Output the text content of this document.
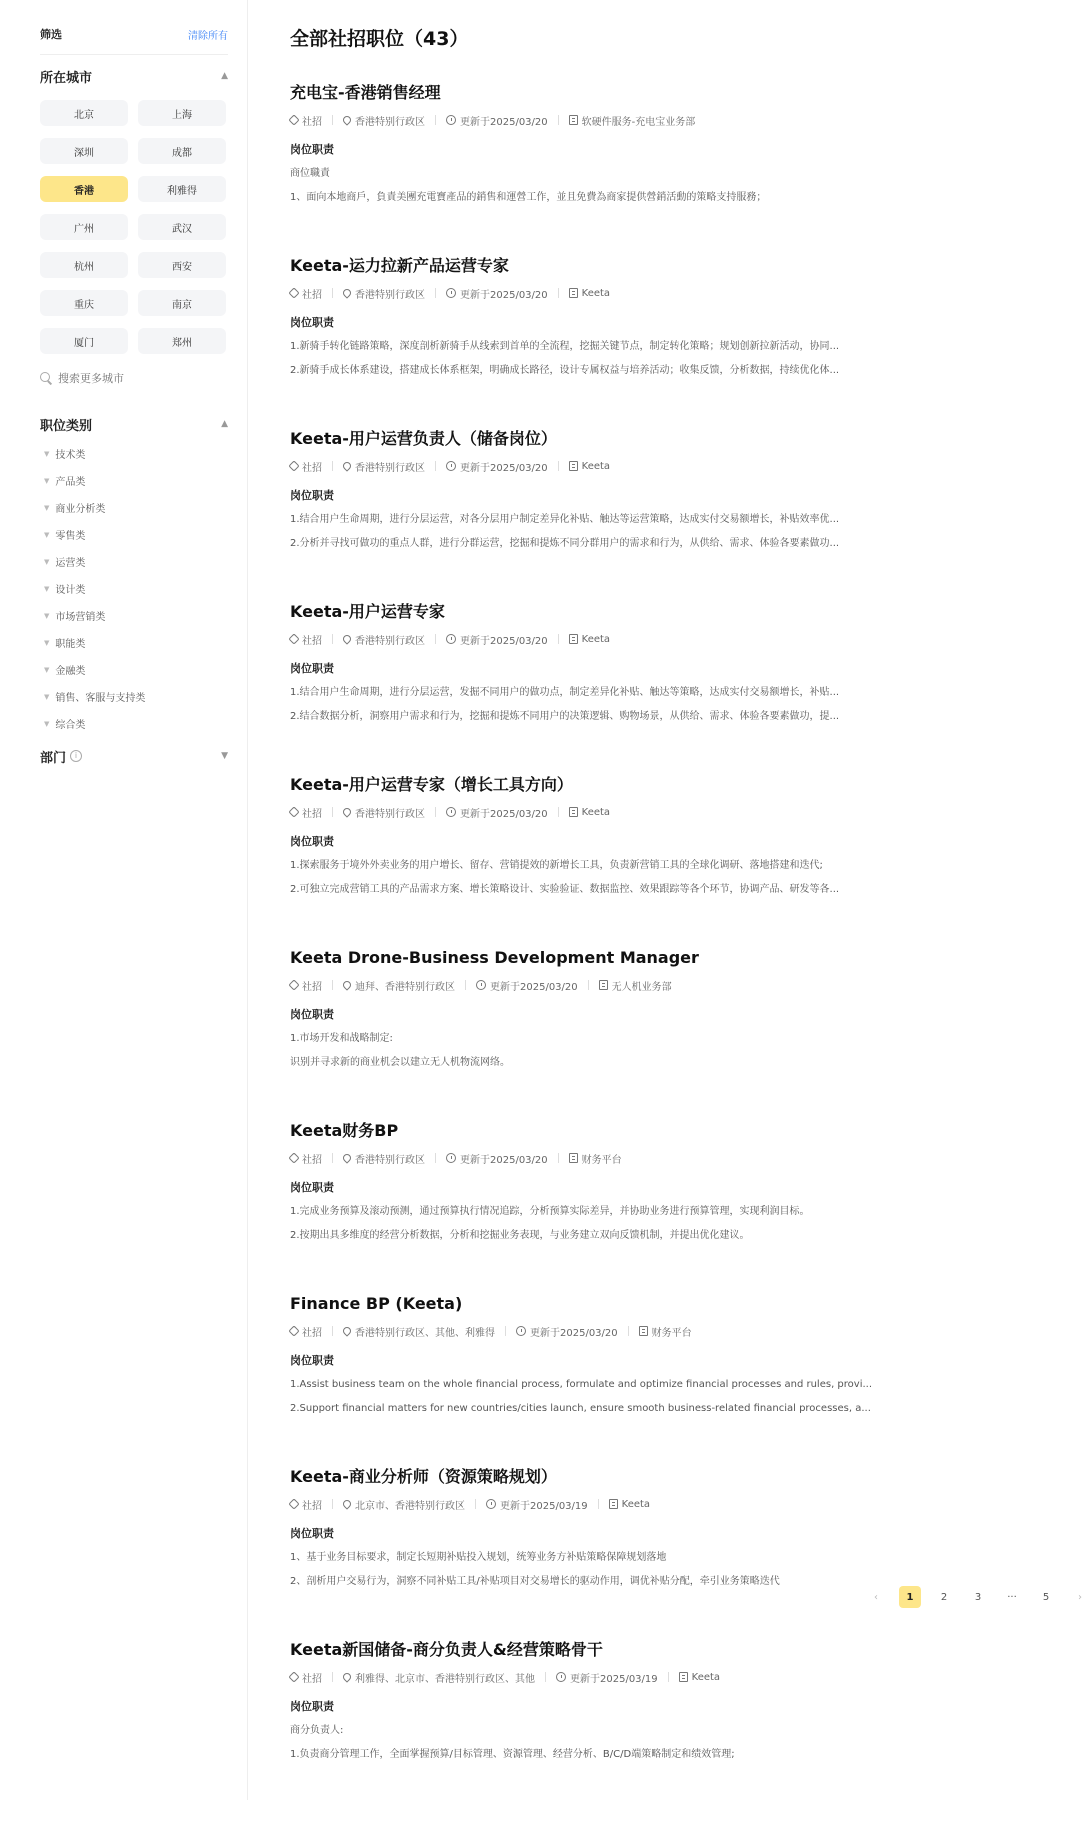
筛选	清除所有
所在城市	▲
北京	上海
深圳	成都
香港	利雅得
广州	武汉
杭州	西安
重庆	南京
厦门	郑州
搜索更多城市
职位类别	▲
▼ 技术类
▼ 产品类
▼ 商业分析类
▼ 零售类
▼ 运营类
▼ 设计类
▼ 市场营销类
▼ 职能类
▼ 金融类
▼ 销售、客服与支持类
▼ 综合类
部门	i	▼
全部社招职位（43）
充电宝-香港销售经理
社招	香港特别行政区	更新于2025/03/20	软硬件服务-充电宝业务部
岗位职责
商位職責
1、面向本地商戶，負責美團充電寶產品的銷售和運營工作，並且免費為商家提供營銷活動的策略支持服務；
Keeta-运力拉新产品运营专家
社招	香港特别行政区	更新于2025/03/20	Keeta
岗位职责
1.新骑手转化链路策略，深度剖析新骑手从线索到首单的全流程，挖掘关键节点，制定转化策略；规划创新拉新活动，协同...
2.新骑手成长体系建设，搭建成长体系框架，明确成长路径，设计专属权益与培养活动；收集反馈，分析数据，持续优化体...
Keeta-用户运营负责人（储备岗位）
社招	香港特别行政区	更新于2025/03/20	Keeta
岗位职责
1.结合用户生命周期，进行分层运营，对各分层用户制定差异化补贴、触达等运营策略，达成实付交易额增长，补贴效率优...
2.分析并寻找可做功的重点人群，进行分群运营，挖掘和提炼不同分群用户的需求和行为，从供给、需求、体验各要素做功...
Keeta-用户运营专家
社招	香港特别行政区	更新于2025/03/20	Keeta
岗位职责
1.结合用户生命周期，进行分层运营，发掘不同用户的做功点，制定差异化补贴、触达等策略，达成实付交易额增长，补贴...
2.结合数据分析，洞察用户需求和行为，挖掘和提炼不同用户的决策逻辑、购物场景，从供给、需求、体验各要素做功，提...
Keeta-用户运营专家（增长工具方向）
社招	香港特别行政区	更新于2025/03/20	Keeta
岗位职责
1.探索服务于境外外卖业务的用户增长、留存、营销提效的新增长工具，负责新营销工具的全球化调研、落地搭建和迭代;
2.可独立完成营销工具的产品需求方案、增长策略设计、实验验证、数据监控、效果跟踪等各个环节，协调产品、研发等各...
Keeta Drone-Business Development Manager
社招	迪拜、香港特别行政区	更新于2025/03/20	无人机业务部
岗位职责
1.市场开发和战略制定:
识别并寻求新的商业机会以建立无人机物流网络。
Keeta财务BP
社招	香港特别行政区	更新于2025/03/20	财务平台
岗位职责
1.完成业务预算及滚动预测，通过预算执行情况追踪，分析预算实际差异，并协助业务进行预算管理，实现利润目标。
2.按期出具多维度的经营分析数据，分析和挖掘业务表现，与业务建立双向反馈机制，并提出优化建议。
Finance BP (Keeta)
社招	香港特别行政区、其他、利雅得	更新于2025/03/20	财务平台
岗位职责
1.Assist business team on the whole financial process, formulate and optimize financial processes and rules, provi...
2.Support financial matters for new countries/cities launch, ensure smooth business-related financial processes, a...
Keeta-商业分析师（资源策略规划）
社招	北京市、香港特别行政区	更新于2025/03/19	Keeta
岗位职责
1、基于业务目标要求，制定长短期补贴投入规划，统筹业务方补贴策略保障规划落地
2、剖析用户交易行为，洞察不同补贴工具/补贴项目对交易增长的驱动作用，调优补贴分配，牵引业务策略迭代
Keeta新国储备-商分负责人&经营策略骨干
社招	利雅得、北京市、香港特别行政区、其他	更新于2025/03/19	Keeta
岗位职责
商分负责人:
1.负责商分管理工作，全面掌握预算/目标管理、资源管理、经营分析、B/C/D端策略制定和绩效管理;
‹	1	2	3	···	5	›
